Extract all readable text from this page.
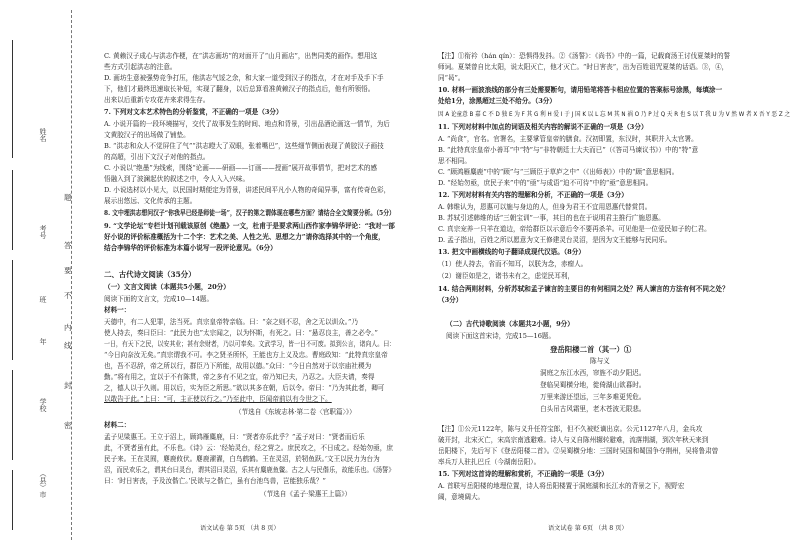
姓名
考号
班
年
学校
（县）市
题
答
要
不
内
线
封
密
C. 黄赖汉子成心与洪志作梗，在“洪志画坊”的对面开了“山月画店”，出售同类的画作。想用这
些方式引起洪志的注意。
D. 画坊生意被强势竞争打压，他洪志气馁之余，和大家一道受到汉子的指点，才在对手及手下手
下，他们才最终迅速取长补短，实现了翻身，以后总算看准黄赖汉子的指点后，他有所领悟。
出来以后重新专攻花卉来求得生存。
7. 下列对文本艺术特色的分析鉴赏，不正确的一项是（3分）
A. 小说开篇的一段环境描写，交代了故事发生的时间、地点和背景，引出品酒论画这一情节，为后
文黄胶汉子的出场做了铺垫。
B. “洪志和众人不觉屏住了气”“洪志瞪大了双眼，张着嘴巴”，这些细节侧面表现了黄胶汉子画技
的高超，引出下文汉子对他的指点。
C. 小说以“绝墨”为线索，围绕“论画——研画——订画——授画”展开故事情节，把对艺术的感
悟融入到了波澜起伏的叙述之中，令人入入兴味。
D. 小说选材以小见大，以民国时期便定为背景，讲述民间平凡小人物的奇闻异事，富有传奇色彩，
展示出悠远、文化传承的主题。
8. 文中埋洪志想问汉子“你我早已经是师徒一场”，汉子的第之谓体现在哪些方面？请结合全文简要分析。（5分）
9. “文学论坛”专栏计划刊载该原创《绝墨》一文，杜甫于是要求两山西作家李锦华评论：“我对一部
好小说的评价标准概括为十二个字：艺术之美、人性之光、思想之力”请你选择其中的一个角度，
结合李锦华的评价标准为本篇小说写一段评论意见。（6分）
二、古代诗文阅读（35分）
（一）文言文阅读（本题共5小题，20分）
阅读下面的文言文，完成10—14题。
材料一：
天德中，有二人犯罪，法当死。真宗皇帝特亲临。曰：“奈之则不忍，舍之无以训众。”乃
使人持去，奏曰臣曰：“此民力也”太宗闻之，以为怀斯，有死之。曰：“悬忍良主，善之必令。”
一日，有天下之民，以安其业；甚有余财者，乃以可奉矣。文武学习，皆一日不可废。拟到公言，诸向人。曰：
“今日向奈汝无矣。”真宗谓我不可。李之贤圣所怀，王能也方上义及忠。曹庭政知：“此特真宗皇帝
也，吾不忍辞，帝之所以行，群臣乃下所能，故用以德。”众曰：“今日自然对于以宗庙社稷为
勤。”将有用之，宜以于不有陈贯，帝之多有不见之宜，帝乃知已夫，乃忍之。大臣夫请，奏得
之，德人以于久则。用以后，实为臣之所思。”欲以其多在朝，后以令。帝曰：“乃为其此者，卿可
以敢告于此。”上曰：“可，主正使以行之。”乃至此中，臣闻帝前以有今世之下。
（节选自《东坡志林·第二卷〈官职篇〉》）
材料二：
孟子见梁惠王。王立于沼上，顾鸿雁麋鹿，曰：“贤者亦乐此乎？”孟子对曰：“贤者而后乐
此，不贤者虽有此，不乐也。《诗》云：‘经始灵台，经之营之。庶民攻之，不日成之。经始勿亟，庶
民子来。王在灵囿，麀鹿攸伏。麀鹿濯濯，白鸟鹤鹤。王在灵沼，於牣鱼跃。’文王以民力为台为
沼，而民欢乐之，谓其台曰灵台，谓其沼曰灵沼，乐其有麋鹿鱼鳖。古之人与民偕乐，故能乐也。《汤誓》
曰：‘时日害丧，予及汝偕亡。’民欲与之偕亡，虽有台池鸟兽，岂能独乐哉？”
（节选自《孟子·梁惠王上篇》）
语文试卷 第 5页 （共 8 页）
【注】①衔衿（hán qín）：恐惧得发抖。②《汤誓》：《尚书》中的一篇，记载商汤王讨伐夏桀时的誓
师词。夏桀曾自比太阳，说太阳灭亡，他才灭亡。“时日害丧”，出为百姓诅咒夏桀的话语。③，④，
同“曷”。
10. 材料一画波浪线的部分有三处需要断句，请用铅笔将答卡相应位置的答案标号涂黑，每填涂一
处给1分，涂黑超过三处不给分。（3分）
因 A 论童意 B 嘉 C 不 D 独 E 为 F 其 G 利 H 爱 I 于 J 国 K 以 L 忘 M 其 N 祸 O 乃 P 过 Q 天 R 也 S 以 T 我 U 为 V 然 W 者 X 吾 Y 恶 Z 之
11. 下列对材料中加点的词语及相关内容的解说不正确的一项是（3分）
A. “尚食”，官名。官署名，主要掌管皇帝的膳食。汉初即置，东汉时，其职并入太官署。
B. “此特真宗皇帝小善耳”中“特”与“非特朝廷士大夫而已”（《答司马谏议书》）中的“特”意
思不相同。
C. “顾鸿雁麋鹿”中的“顾”与“三顾臣于草庐之中”（《出师表》）中的“顾”意思相同。
D. “经始勿亟，庶民子来”中的“亟”与成语“迫不可待”中的“亟”意思相同。
12. 下列对材料有关内容的理解和分析，不正确的一项是（3分）
A. 韩维认为，恩惠可以施与身边的人，但身为君王不宜用恩惠代替赏罚。
B. 苏轼引述韩维的话“三朝宝训”一事，其目的也在于说明君主推行广施恩惠。
C. 真宗宠养一只羊在道边，帝给群臣以示意后令不要再杀羊。可见他是一位爱民如子的仁君。
D. 孟子指出，百姓之所以愿意为文王修建灵台灵沼，是因为文王能够与民同乐。
13. 把文中画横线的句子翻译成现代汉语。（8分）
（1）使人持去，省而不知耳，以朕为念，赤瘤人。
（2）谢臣如是之，诸书未有之，虑觉民耳利，
14. 结合两则材料，分析苏轼和孟子谏言的主要目的有何相同之处？两人谏言的方法有何不同之处？
（3分）
（二）古代诗歌阅读（本题共2小题，9分）
阅读下面这首宋诗，完成15—16题。
登岳阳楼二首（其一）①
陈与义
洞庭之东江水西，帘旌不动夕阳迟。
登临吴蜀横分地，徙倚湖山欲暮时。
万里来游还望远，三年多难更凭危。
白头吊古风霜里，老木苍波无限悲。
【注】①公元1122年，陈与义升任符宝郎，但不久被贬谪出京。公元1127年八月，金兵攻
破开封，北宋灭亡，宋高宗南逃避难。诗人与义自陈州辗转避难，流落荆湖，到次年秋天来到
岳阳楼下，先后写下《登岳阳楼二首》。②吴蜀横分地：三国时吴国和蜀国争夺荆州，吴将鲁肃曾
率兵万人驻扎巴丘（今湖南岳阳）。
15. 下列对这首诗的理解和赏析，不正确的一项是（3分）
A. 首联写岳阳楼的地理位置，诗人将岳阳楼置于洞庭湖和长江水的背景之下，视野宏
阔，意境阔大。
语文试卷 第 6页 （共 8 页）
